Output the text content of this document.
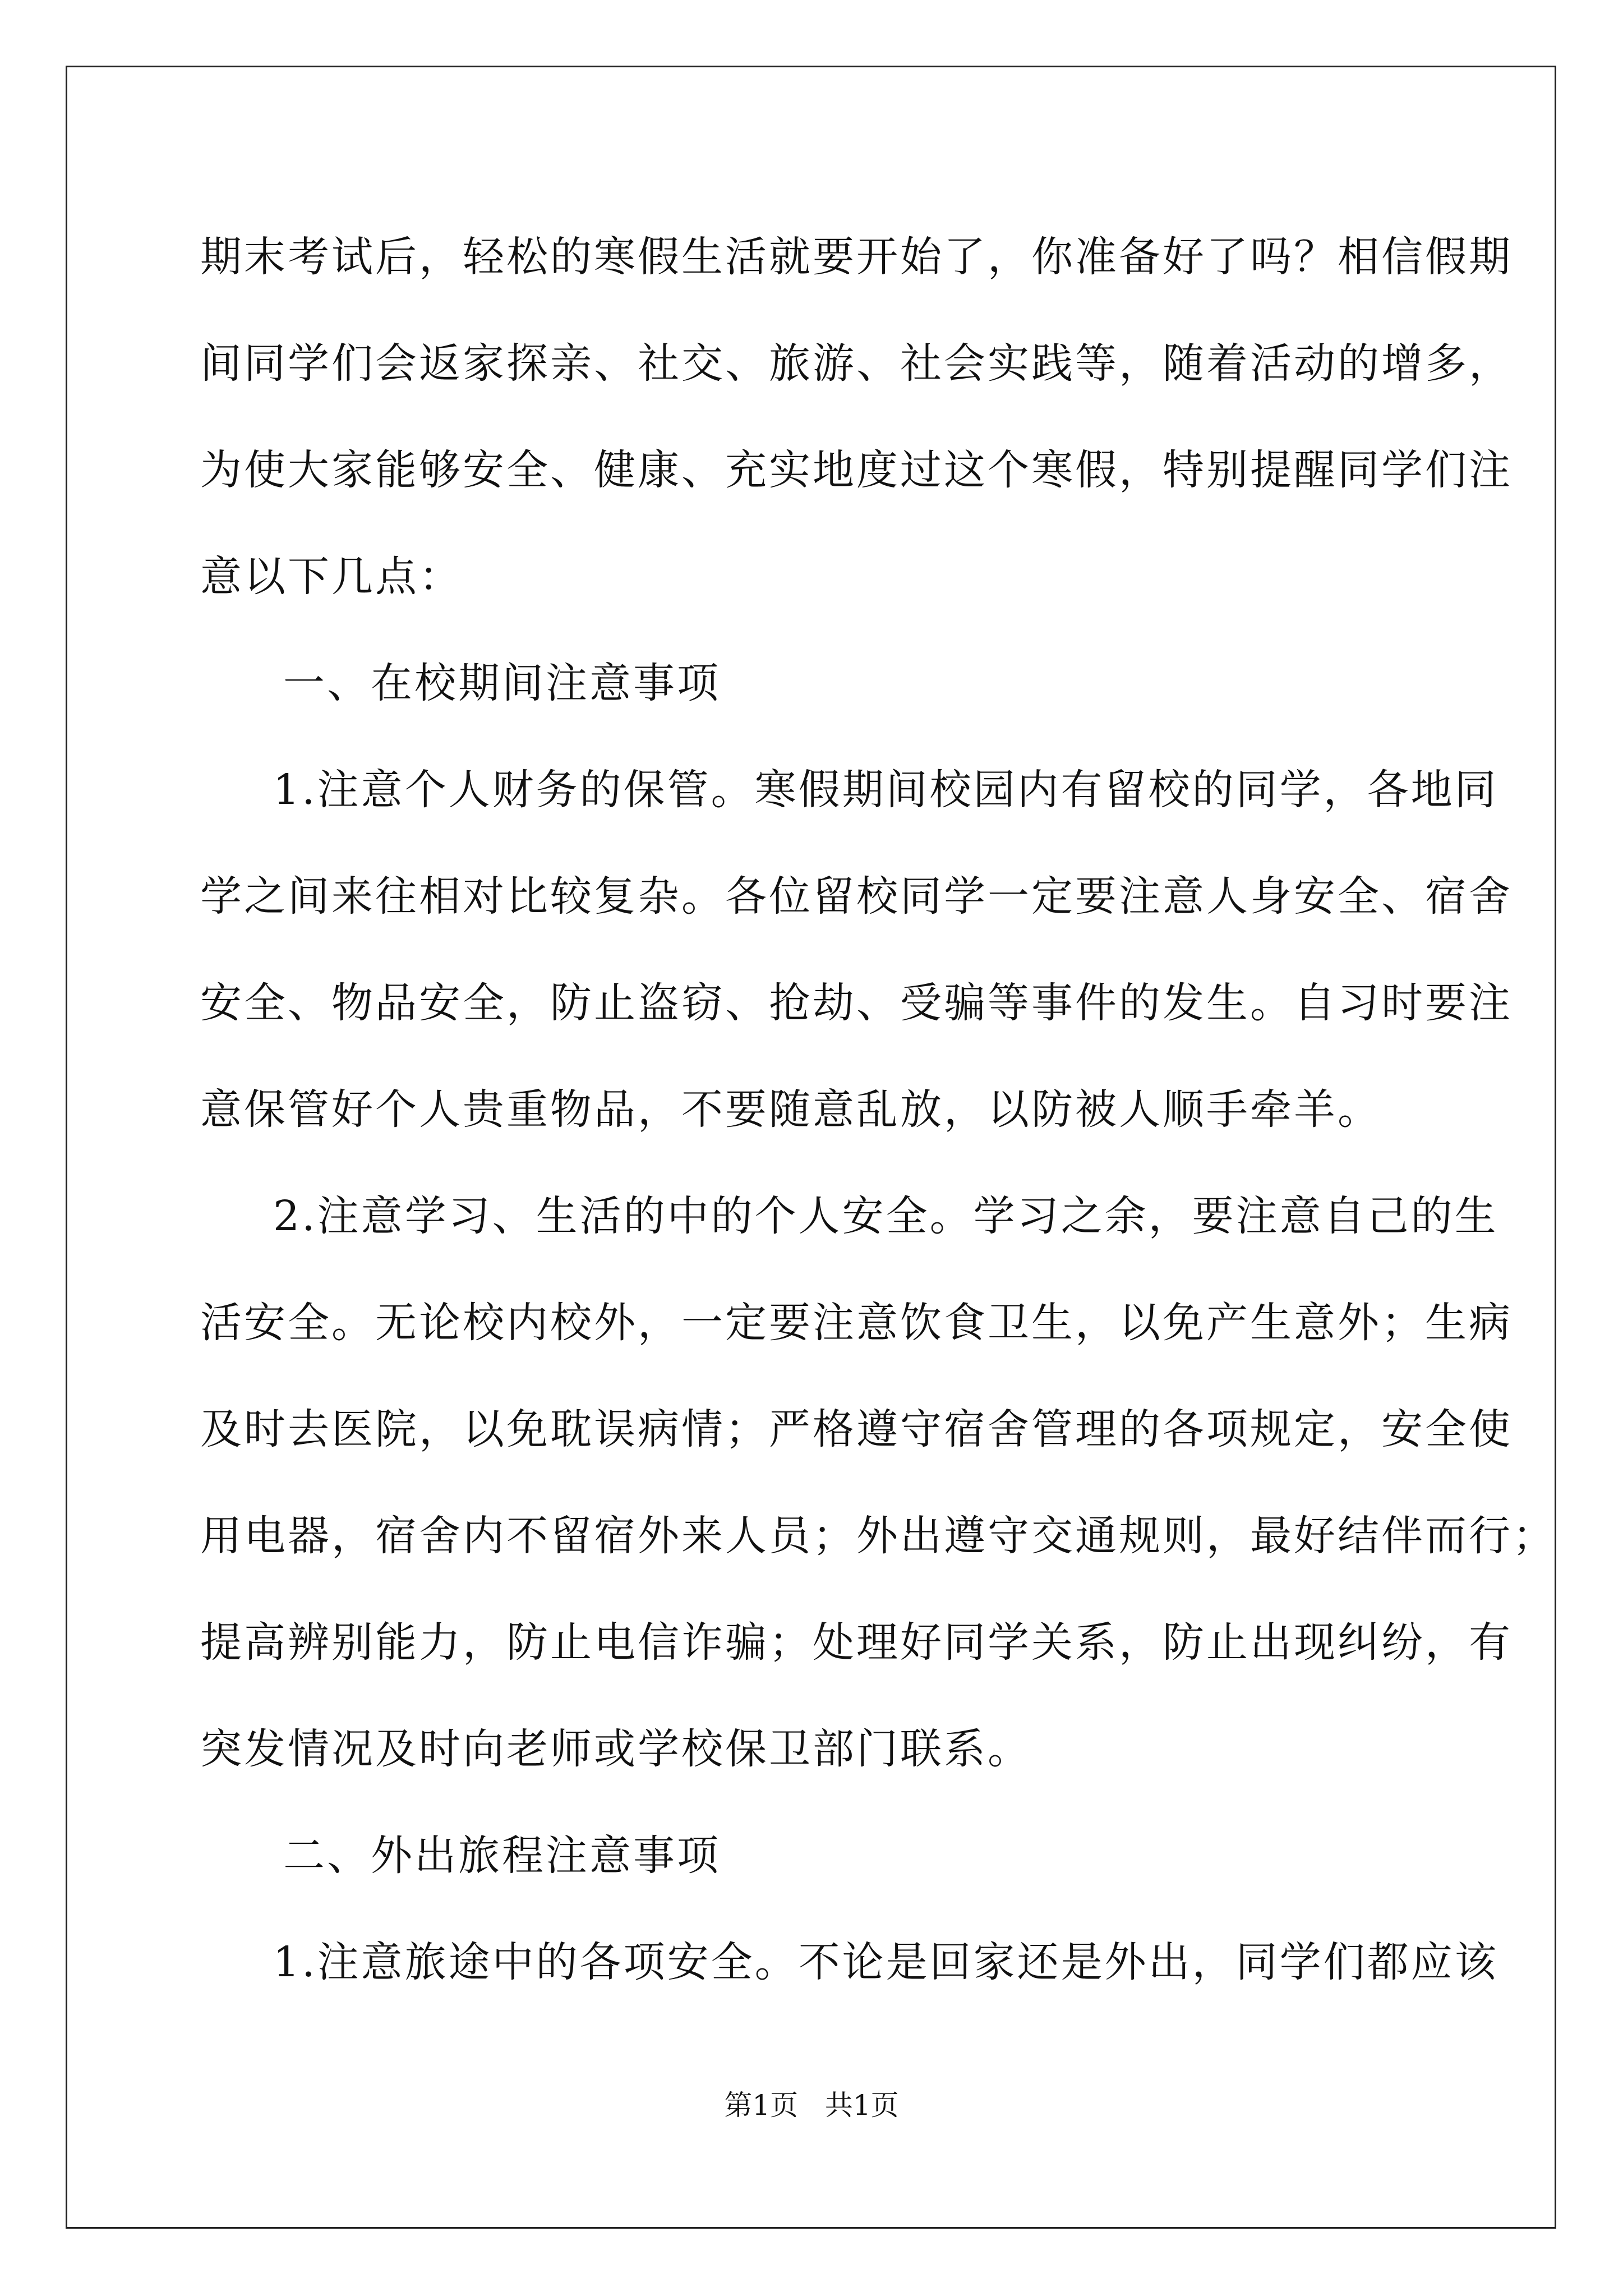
期末考试后，轻松的寒假生活就要开始了，你准备好了吗？相信假期
间同学们会返家探亲、社交、旅游、社会实践等，随着活动的增多，
为使大家能够安全、健康、充实地度过这个寒假，特别提醒同学们注
意以下几点：
一、在校期间注意事项
1.注意个人财务的保管。寒假期间校园内有留校的同学，各地同
学之间来往相对比较复杂。各位留校同学一定要注意人身安全、宿舍
安全、物品安全，防止盗窃、抢劫、受骗等事件的发生。自习时要注
意保管好个人贵重物品，不要随意乱放，以防被人顺手牵羊。
2.注意学习、生活的中的个人安全。学习之余，要注意自己的生
活安全。无论校内校外，一定要注意饮食卫生，以免产生意外；生病
及时去医院，以免耽误病情；严格遵守宿舍管理的各项规定，安全使
用电器，宿舍内不留宿外来人员；外出遵守交通规则，最好结伴而行；
提高辨别能力，防止电信诈骗；处理好同学关系，防止出现纠纷，有
突发情况及时向老师或学校保卫部门联系。
二、外出旅程注意事项
1.注意旅途中的各项安全。不论是回家还是外出，同学们都应该
第1页   共1页
